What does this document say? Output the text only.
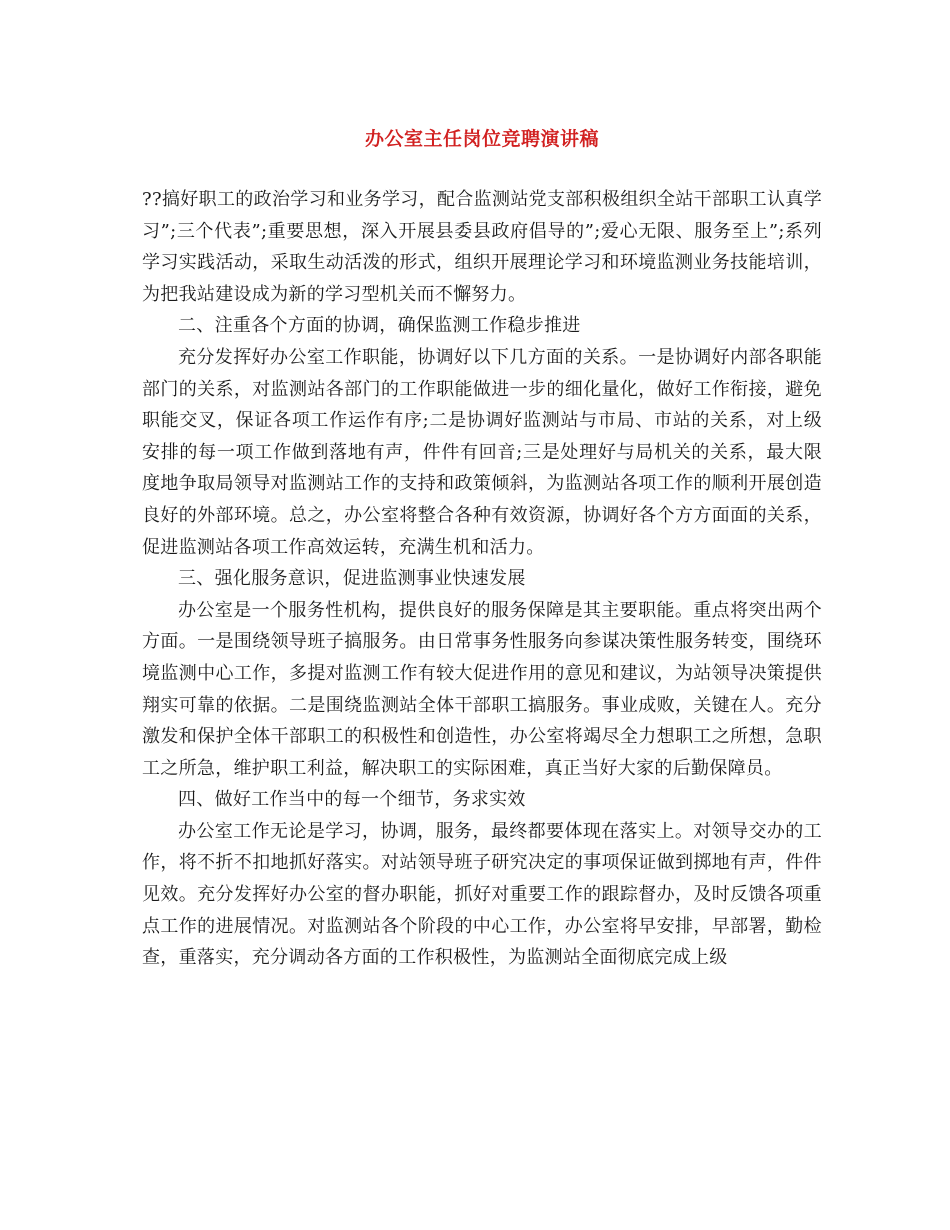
办公室主任岗位竞聘演讲稿

??搞好职工的政治学习和业务学习，配合监测站党支部积极组织全站干部职工认真学习”;三个代表”;重要思想，深入开展县委县政府倡导的”;爱心无限、服务至上”;系列学习实践活动，采取生动活泼的形式，组织开展理论学习和环境监测业务技能培训，为把我站建设成为新的学习型机关而不懈努力。

二、注重各个方面的协调，确保监测工作稳步推进

充分发挥好办公室工作职能，协调好以下几方面的关系。一是协调好内部各职能部门的关系，对监测站各部门的工作职能做进一步的细化量化，做好工作衔接，避免职能交叉，保证各项工作运作有序;二是协调好监测站与市局、市站的关系，对上级安排的每一项工作做到落地有声，件件有回音;三是处理好与局机关的关系，最大限度地争取局领导对监测站工作的支持和政策倾斜，为监测站各项工作的顺利开展创造良好的外部环境。总之，办公室将整合各种有效资源，协调好各个方方面面的关系，促进监测站各项工作高效运转，充满生机和活力。

三、强化服务意识，促进监测事业快速发展

办公室是一个服务性机构，提供良好的服务保障是其主要职能。重点将突出两个方面。一是围绕领导班子搞服务。由日常事务性服务向参谋决策性服务转变，围绕环境监测中心工作，多提对监测工作有较大促进作用的意见和建议，为站领导决策提供翔实可靠的依据。二是围绕监测站全体干部职工搞服务。事业成败，关键在人。充分激发和保护全体干部职工的积极性和创造性，办公室将竭尽全力想职工之所想，急职工之所急，维护职工利益，解决职工的实际困难，真正当好大家的后勤保障员。

四、做好工作当中的每一个细节，务求实效

办公室工作无论是学习，协调，服务，最终都要体现在落实上。对领导交办的工作，将不折不扣地抓好落实。对站领导班子研究决定的事项保证做到掷地有声，件件见效。充分发挥好办公室的督办职能，抓好对重要工作的跟踪督办，及时反馈各项重点工作的进展情况。对监测站各个阶段的中心工作，办公室将早安排，早部署，勤检查，重落实，充分调动各方面的工作积极性，为监测站全面彻底完成上级
